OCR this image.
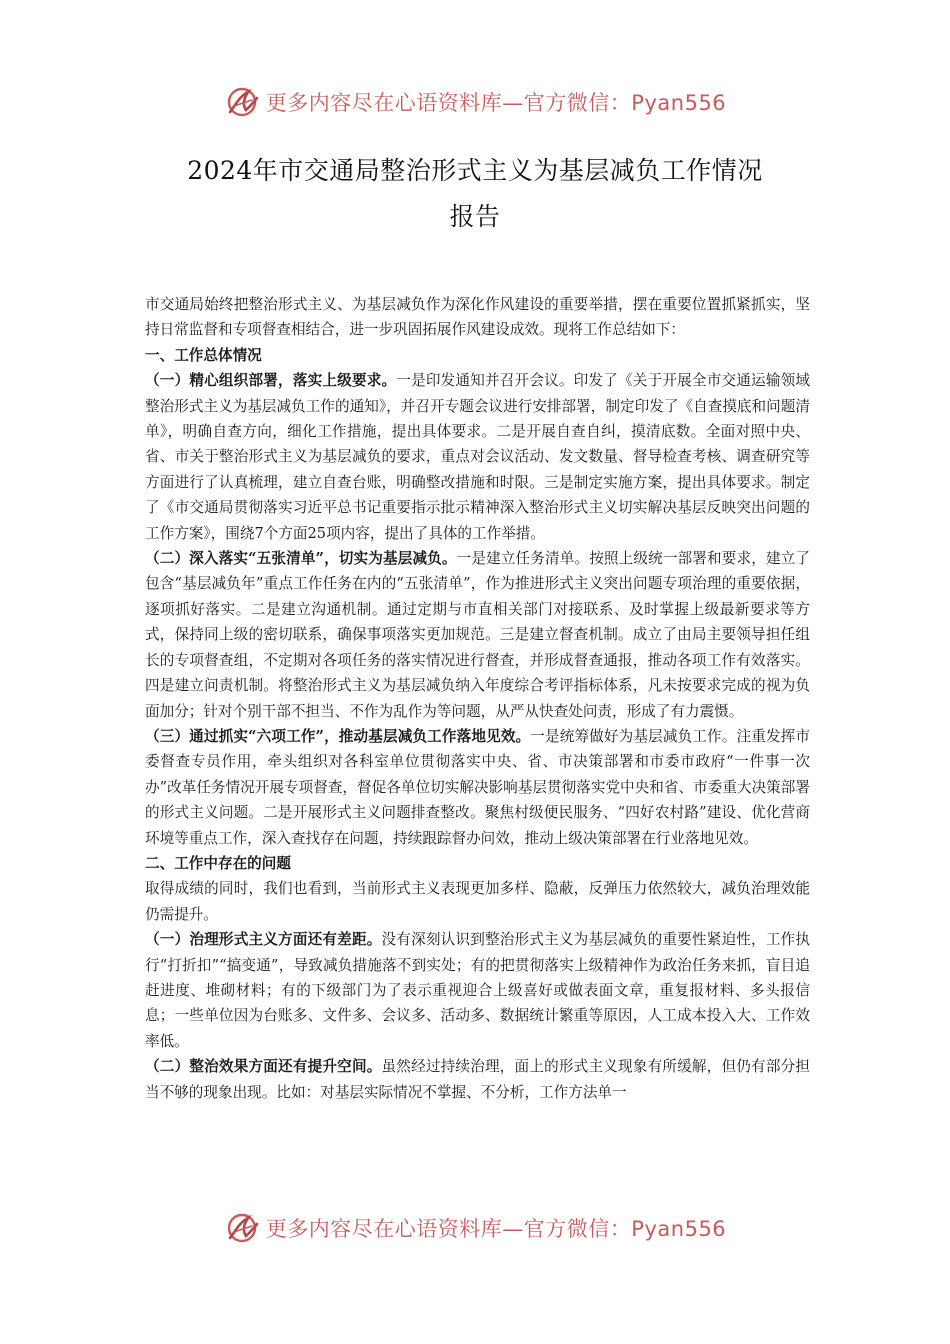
更多内容尽在心语资料库—官方微信：Pyan556
2024年市交通局整治形式主义为基层减负工作情况
报告

市交通局始终把整治形式主义、为基层减负作为深化作风建设的重要举措，摆在重要位置抓紧抓实，坚持日常监督和专项督查相结合，进一步巩固拓展作风建设成效。现将工作总结如下：

一、工作总体情况

（一）精心组织部署，落实上级要求。一是印发通知并召开会议。印发了《关于开展全市交通运输领域整治形式主义为基层减负工作的通知》，并召开专题会议进行安排部署，制定印发了《自查摸底和问题清单》，明确自查方向，细化工作措施，提出具体要求。二是开展自查自纠，摸清底数。全面对照中央、省、市关于整治形式主义为基层减负的要求，重点对会议活动、发文数量、督导检查考核、调查研究等方面进行了认真梳理，建立自查台账，明确整改措施和时限。三是制定实施方案，提出具体要求。制定了《市交通局贯彻落实习近平总书记重要指示批示精神深入整治形式主义切实解决基层反映突出问题的工作方案》，围绕7个方面25项内容，提出了具体的工作举措。

（二）深入落实“五张清单”，切实为基层减负。一是建立任务清单。按照上级统一部署和要求，建立了包含“基层减负年”重点工作任务在内的“五张清单”，作为推进形式主义突出问题专项治理的重要依据，逐项抓好落实。二是建立沟通机制。通过定期与市直相关部门对接联系、及时掌握上级最新要求等方式，保持同上级的密切联系，确保事项落实更加规范。三是建立督查机制。成立了由局主要领导担任组长的专项督查组，不定期对各项任务的落实情况进行督查，并形成督查通报，推动各项工作有效落实。四是建立问责机制。将整治形式主义为基层减负纳入年度综合考评指标体系，凡未按要求完成的视为负面加分；针对个别干部不担当、不作为乱作为等问题，从严从快查处问责，形成了有力震慑。

（三）通过抓实“六项工作”，推动基层减负工作落地见效。一是统筹做好为基层减负工作。注重发挥市委督查专员作用，牵头组织对各科室单位贯彻落实中央、省、市决策部署和市委市政府“一件事一次办”改革任务情况开展专项督查，督促各单位切实解决影响基层贯彻落实党中央和省、市委重大决策部署的形式主义问题。二是开展形式主义问题排查整改。聚焦村级便民服务、“四好农村路”建设、优化营商环境等重点工作，深入查找存在问题，持续跟踪督办问效，推动上级决策部署在行业落地见效。

二、工作中存在的问题

取得成绩的同时，我们也看到，当前形式主义表现更加多样、隐蔽，反弹压力依然较大，减负治理效能仍需提升。

（一）治理形式主义方面还有差距。没有深刻认识到整治形式主义为基层减负的重要性紧迫性，工作执行“打折扣”“搞变通”，导致减负措施落不到实处；有的把贯彻落实上级精神作为政治任务来抓，盲目追赶进度、堆砌材料；有的下级部门为了表示重视迎合上级喜好或做表面文章，重复报材料、多头报信息；一些单位因为台账多、文件多、会议多、活动多、数据统计繁重等原因，人工成本投入大、工作效率低。

（二）整治效果方面还有提升空间。虽然经过持续治理，面上的形式主义现象有所缓解，但仍有部分担当不够的现象出现。比如：对基层实际情况不掌握、不分析，工作方法单一

更多内容尽在心语资料库—官方微信：Pyan556
